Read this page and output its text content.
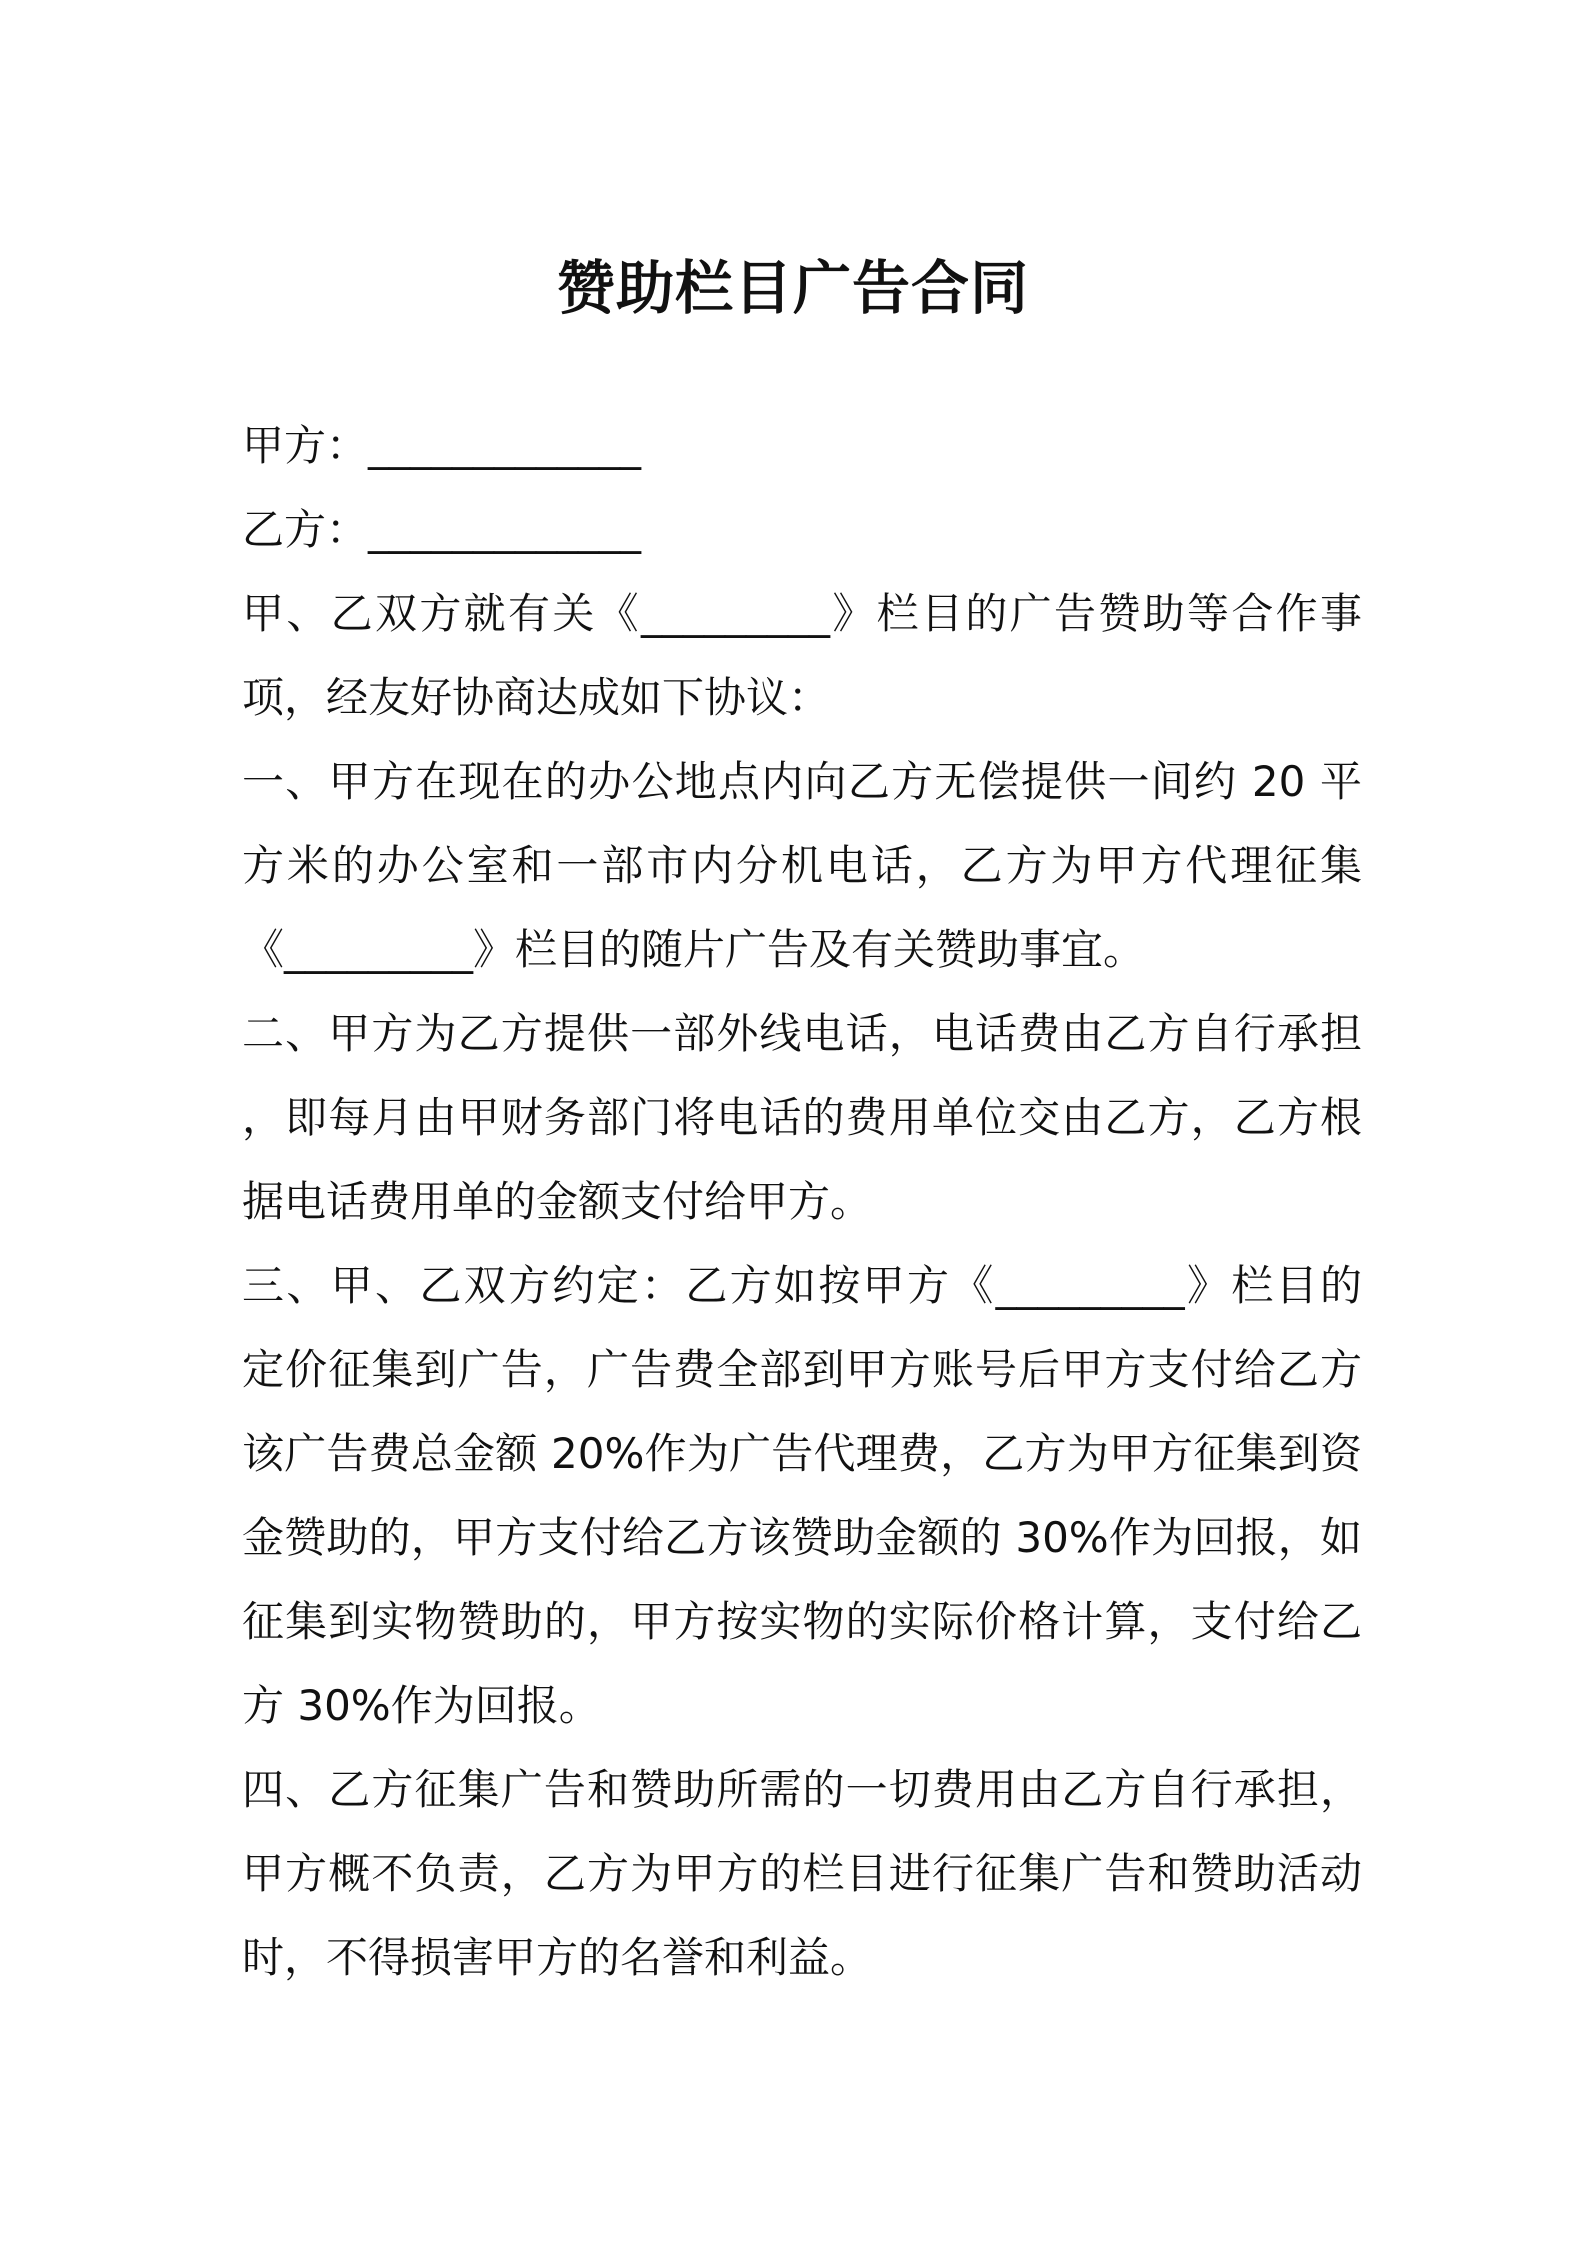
赞助栏目广告合同
甲方：_____________
乙方：_____________
甲、乙双方就有关《_________》栏目的广告赞助等合作事
项，经友好协商达成如下协议：
一、甲方在现在的办公地点内向乙方无偿提供一间约 20 平
方米的办公室和一部市内分机电话，乙方为甲方代理征集
《_________》栏目的随片广告及有关赞助事宜。
二、甲方为乙方提供一部外线电话，电话费由乙方自行承担
，即每月由甲财务部门将电话的费用单位交由乙方，乙方根
据电话费用单的金额支付给甲方。
三、甲、乙双方约定：乙方如按甲方《_________》栏目的
定价征集到广告，广告费全部到甲方账号后甲方支付给乙方
该广告费总金额 20%作为广告代理费，乙方为甲方征集到资
金赞助的，甲方支付给乙方该赞助金额的 30%作为回报，如
征集到实物赞助的，甲方按实物的实际价格计算，支付给乙
方 30%作为回报。
四、乙方征集广告和赞助所需的一切费用由乙方自行承担，
甲方概不负责，乙方为甲方的栏目进行征集广告和赞助活动
时，不得损害甲方的名誉和利益。
